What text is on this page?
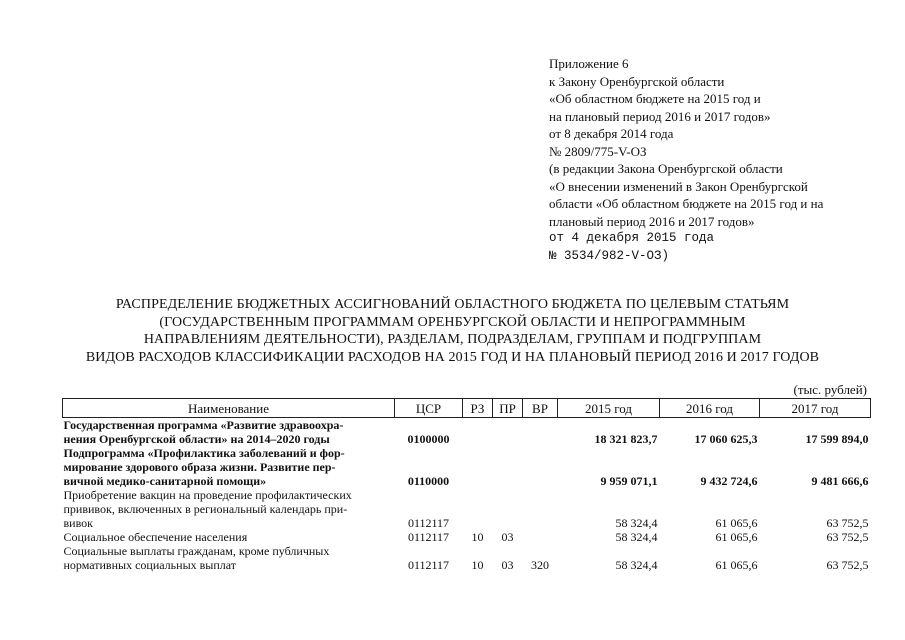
Приложение 6
к Закону Оренбургской области
«Об областном бюджете на 2015 год и
на плановый период 2016 и 2017 годов»
от 8 декабря 2014 года
№ 2809/775-V-ОЗ
(в редакции Закона Оренбургской области
«О внесении изменений в Закон Оренбургской
области «Об областном бюджете на 2015 год и на
плановый период 2016 и 2017 годов»
от 4 декабря 2015 года
№ 3534/982-V-ОЗ)
РАСПРЕДЕЛЕНИЕ БЮДЖЕТНЫХ АССИГНОВАНИЙ ОБЛАСТНОГО БЮДЖЕТА ПО ЦЕЛЕВЫМ СТАТЬЯМ
(ГОСУДАРСТВЕННЫМ ПРОГРАММАМ ОРЕНБУРГСКОЙ ОБЛАСТИ И НЕПРОГРАММНЫМ
НАПРАВЛЕНИЯМ ДЕЯТЕЛЬНОСТИ), РАЗДЕЛАМ, ПОДРАЗДЕЛАМ, ГРУППАМ И ПОДГРУППАМ
ВИДОВ РАСХОДОВ КЛАССИФИКАЦИИ РАСХОДОВ НА 2015 ГОД И НА ПЛАНОВЫЙ ПЕРИОД 2016 И 2017 ГОДОВ
(тыс. рублей)
Наименование	ЦСР	РЗ	ПР	ВР	2015 год	2016 год	2017 год

Государственная программа «Развитие здравоохра-
нения Оренбургской области» на 2014–2020 годы	0100000				18 321 823,7	17 060 625,3	17 599 894,0

Подпрограмма «Профилактика заболеваний и фор-
мирование здорового образа жизни. Развитие пер-
вичной медико-санитарной помощи»	0110000				9 959 071,1	9 432 724,6	9 481 666,6

Приобретение вакцин на проведение профилактических
прививок, включенных в региональный календарь при-
вивок	0112117				58 324,4	61 065,6	63 752,5

Социальное обеспечение населения	0112117	10	03		58 324,4	61 065,6	63 752,5

Социальные выплаты гражданам, кроме публичных
нормативных социальных выплат	0112117	10	03	320	58 324,4	61 065,6	63 752,5
